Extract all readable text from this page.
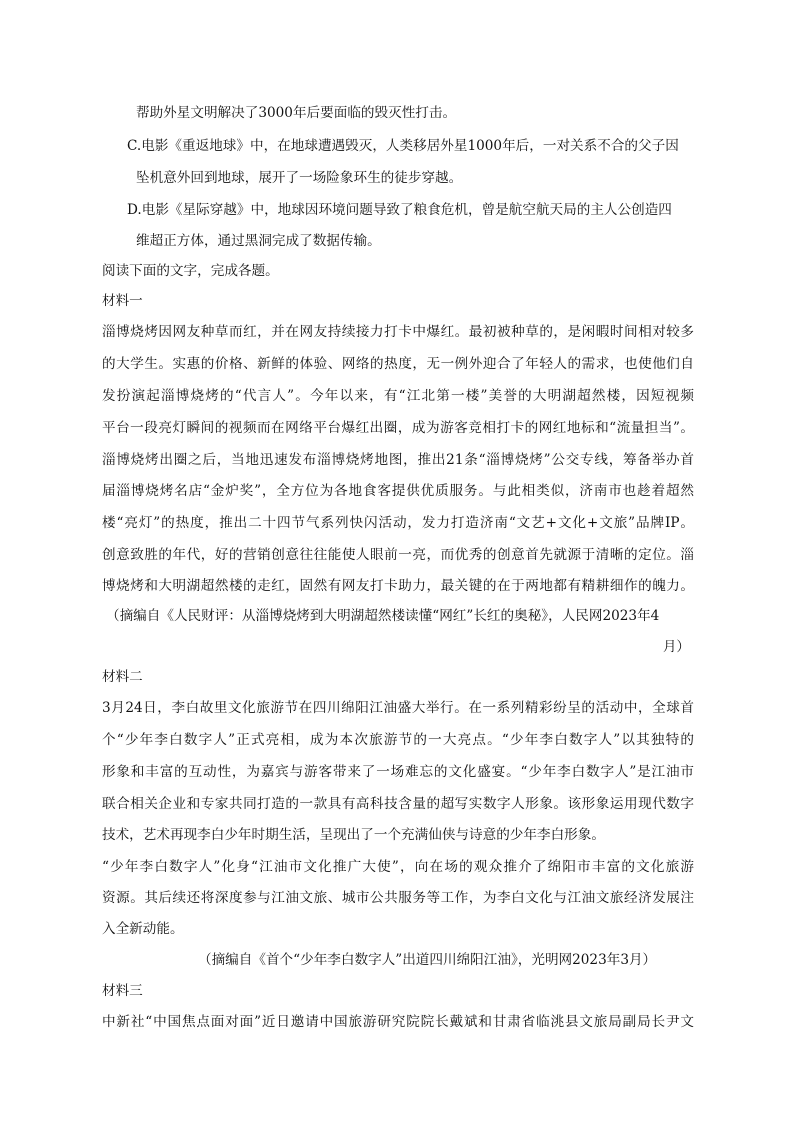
帮助外星文明解决了3000年后要面临的毁灭性打击。
C.电影《重返地球》中，在地球遭遇毁灭，人类移居外星1000年后，一对关系不合的父子因
坠机意外回到地球，展开了一场险象环生的徒步穿越。
D.电影《星际穿越》中，地球因环境问题导致了粮食危机，曾是航空航天局的主人公创造四
维超正方体，通过黑洞完成了数据传输。
阅读下面的文字，完成各题。
材料一
淄博烧烤因网友种草而红，并在网友持续接力打卡中爆红。最初被种草的，是闲暇时间相对较多
的大学生。实惠的价格、新鲜的体验、网络的热度，无一例外迎合了年轻人的需求，也使他们自
发扮演起淄博烧烤的“代言人”。今年以来，有“江北第一楼”美誉的大明湖超然楼，因短视频
平台一段亮灯瞬间的视频而在网络平台爆红出圈，成为游客竞相打卡的网红地标和“流量担当”。
淄博烧烤出圈之后，当地迅速发布淄博烧烤地图，推出21条“淄博烧烤”公交专线，筹备举办首
届淄博烧烤名店“金炉奖”，全方位为各地食客提供优质服务。与此相类似，济南市也趁着超然
楼“亮灯”的热度，推出二十四节气系列快闪活动，发力打造济南“文艺+文化+文旅”品牌IP。
创意致胜的年代，好的营销创意往往能使人眼前一亮，而优秀的创意首先就源于清晰的定位。淄
博烧烤和大明湖超然楼的走红，固然有网友打卡助力，最关键的在于两地都有精耕细作的魄力。
（摘编自《人民财评：从淄博烧烤到大明湖超然楼读懂“网红”长红的奥秘》，人民网2023年4
月）
材料二
3月24日，李白故里文化旅游节在四川绵阳江油盛大举行。在一系列精彩纷呈的活动中，全球首
个“少年李白数字人”正式亮相，成为本次旅游节的一大亮点。“少年李白数字人”以其独特的
形象和丰富的互动性，为嘉宾与游客带来了一场难忘的文化盛宴。“少年李白数字人”是江油市
联合相关企业和专家共同打造的一款具有高科技含量的超写实数字人形象。该形象运用现代数字
技术，艺术再现李白少年时期生活，呈现出了一个充满仙侠与诗意的少年李白形象。
“少年李白数字人”化身“江油市文化推广大使”，向在场的观众推介了绵阳市丰富的文化旅游
资源。其后续还将深度参与江油文旅、城市公共服务等工作，为李白文化与江油文旅经济发展注
入全新动能。
（摘编自《首个“少年李白数字人”出道四川绵阳江油》，光明网2023年3月）
材料三
中新社“中国焦点面对面”近日邀请中国旅游研究院院长戴斌和甘肃省临洮县文旅局副局长尹文
